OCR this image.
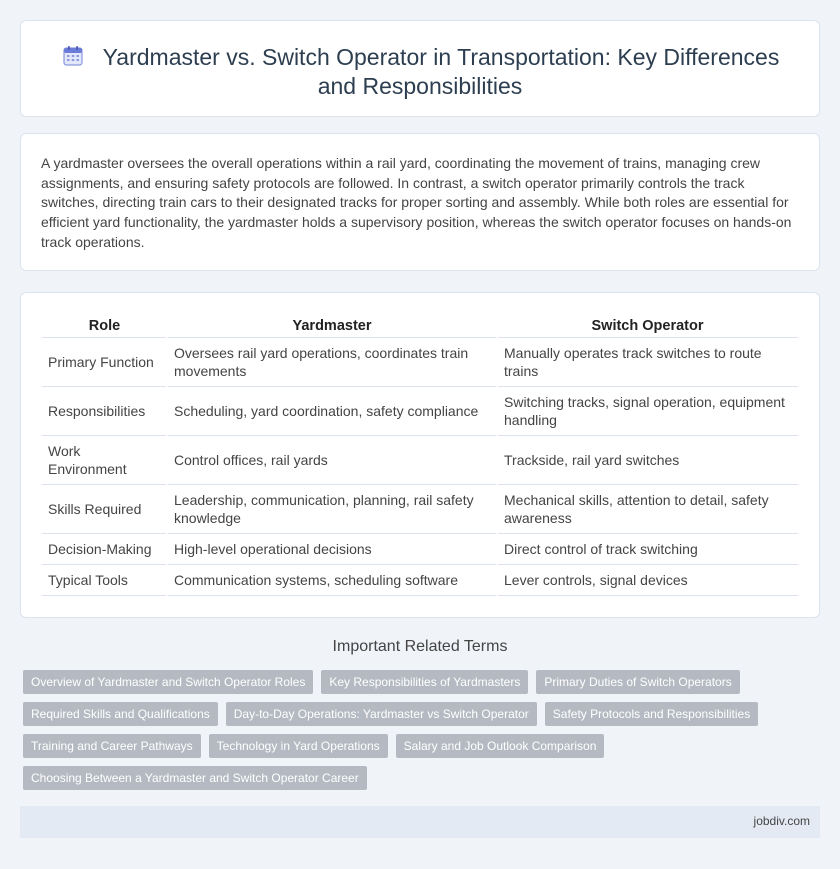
Yardmaster vs. Switch Operator in Transportation: Key Differences and Responsibilities

A yardmaster oversees the overall operations within a rail yard, coordinating the movement of trains, managing crew assignments, and ensuring safety protocols are followed. In contrast, a switch operator primarily controls the track switches, directing train cars to their designated tracks for proper sorting and assembly. While both roles are essential for efficient yard functionality, the yardmaster holds a supervisory position, whereas the switch operator focuses on hands-on track operations.

Role	Yardmaster	Switch Operator
Primary Function	Oversees rail yard operations, coordinates train movements	Manually operates track switches to route trains
Responsibilities	Scheduling, yard coordination, safety compliance	Switching tracks, signal operation, equipment handling
Work Environment	Control offices, rail yards	Trackside, rail yard switches
Skills Required	Leadership, communication, planning, rail safety knowledge	Mechanical skills, attention to detail, safety awareness
Decision-Making	High-level operational decisions	Direct control of track switching
Typical Tools	Communication systems, scheduling software	Lever controls, signal devices
Important Related Terms
Overview of Yardmaster and Switch Operator Roles	Key Responsibilities of Yardmasters	Primary Duties of Switch Operators
Required Skills and Qualifications	Day-to-Day Operations: Yardmaster vs Switch Operator	Safety Protocols and Responsibilities
Training and Career Pathways	Technology in Yard Operations	Salary and Job Outlook Comparison
Choosing Between a Yardmaster and Switch Operator Career
jobdiv.com
